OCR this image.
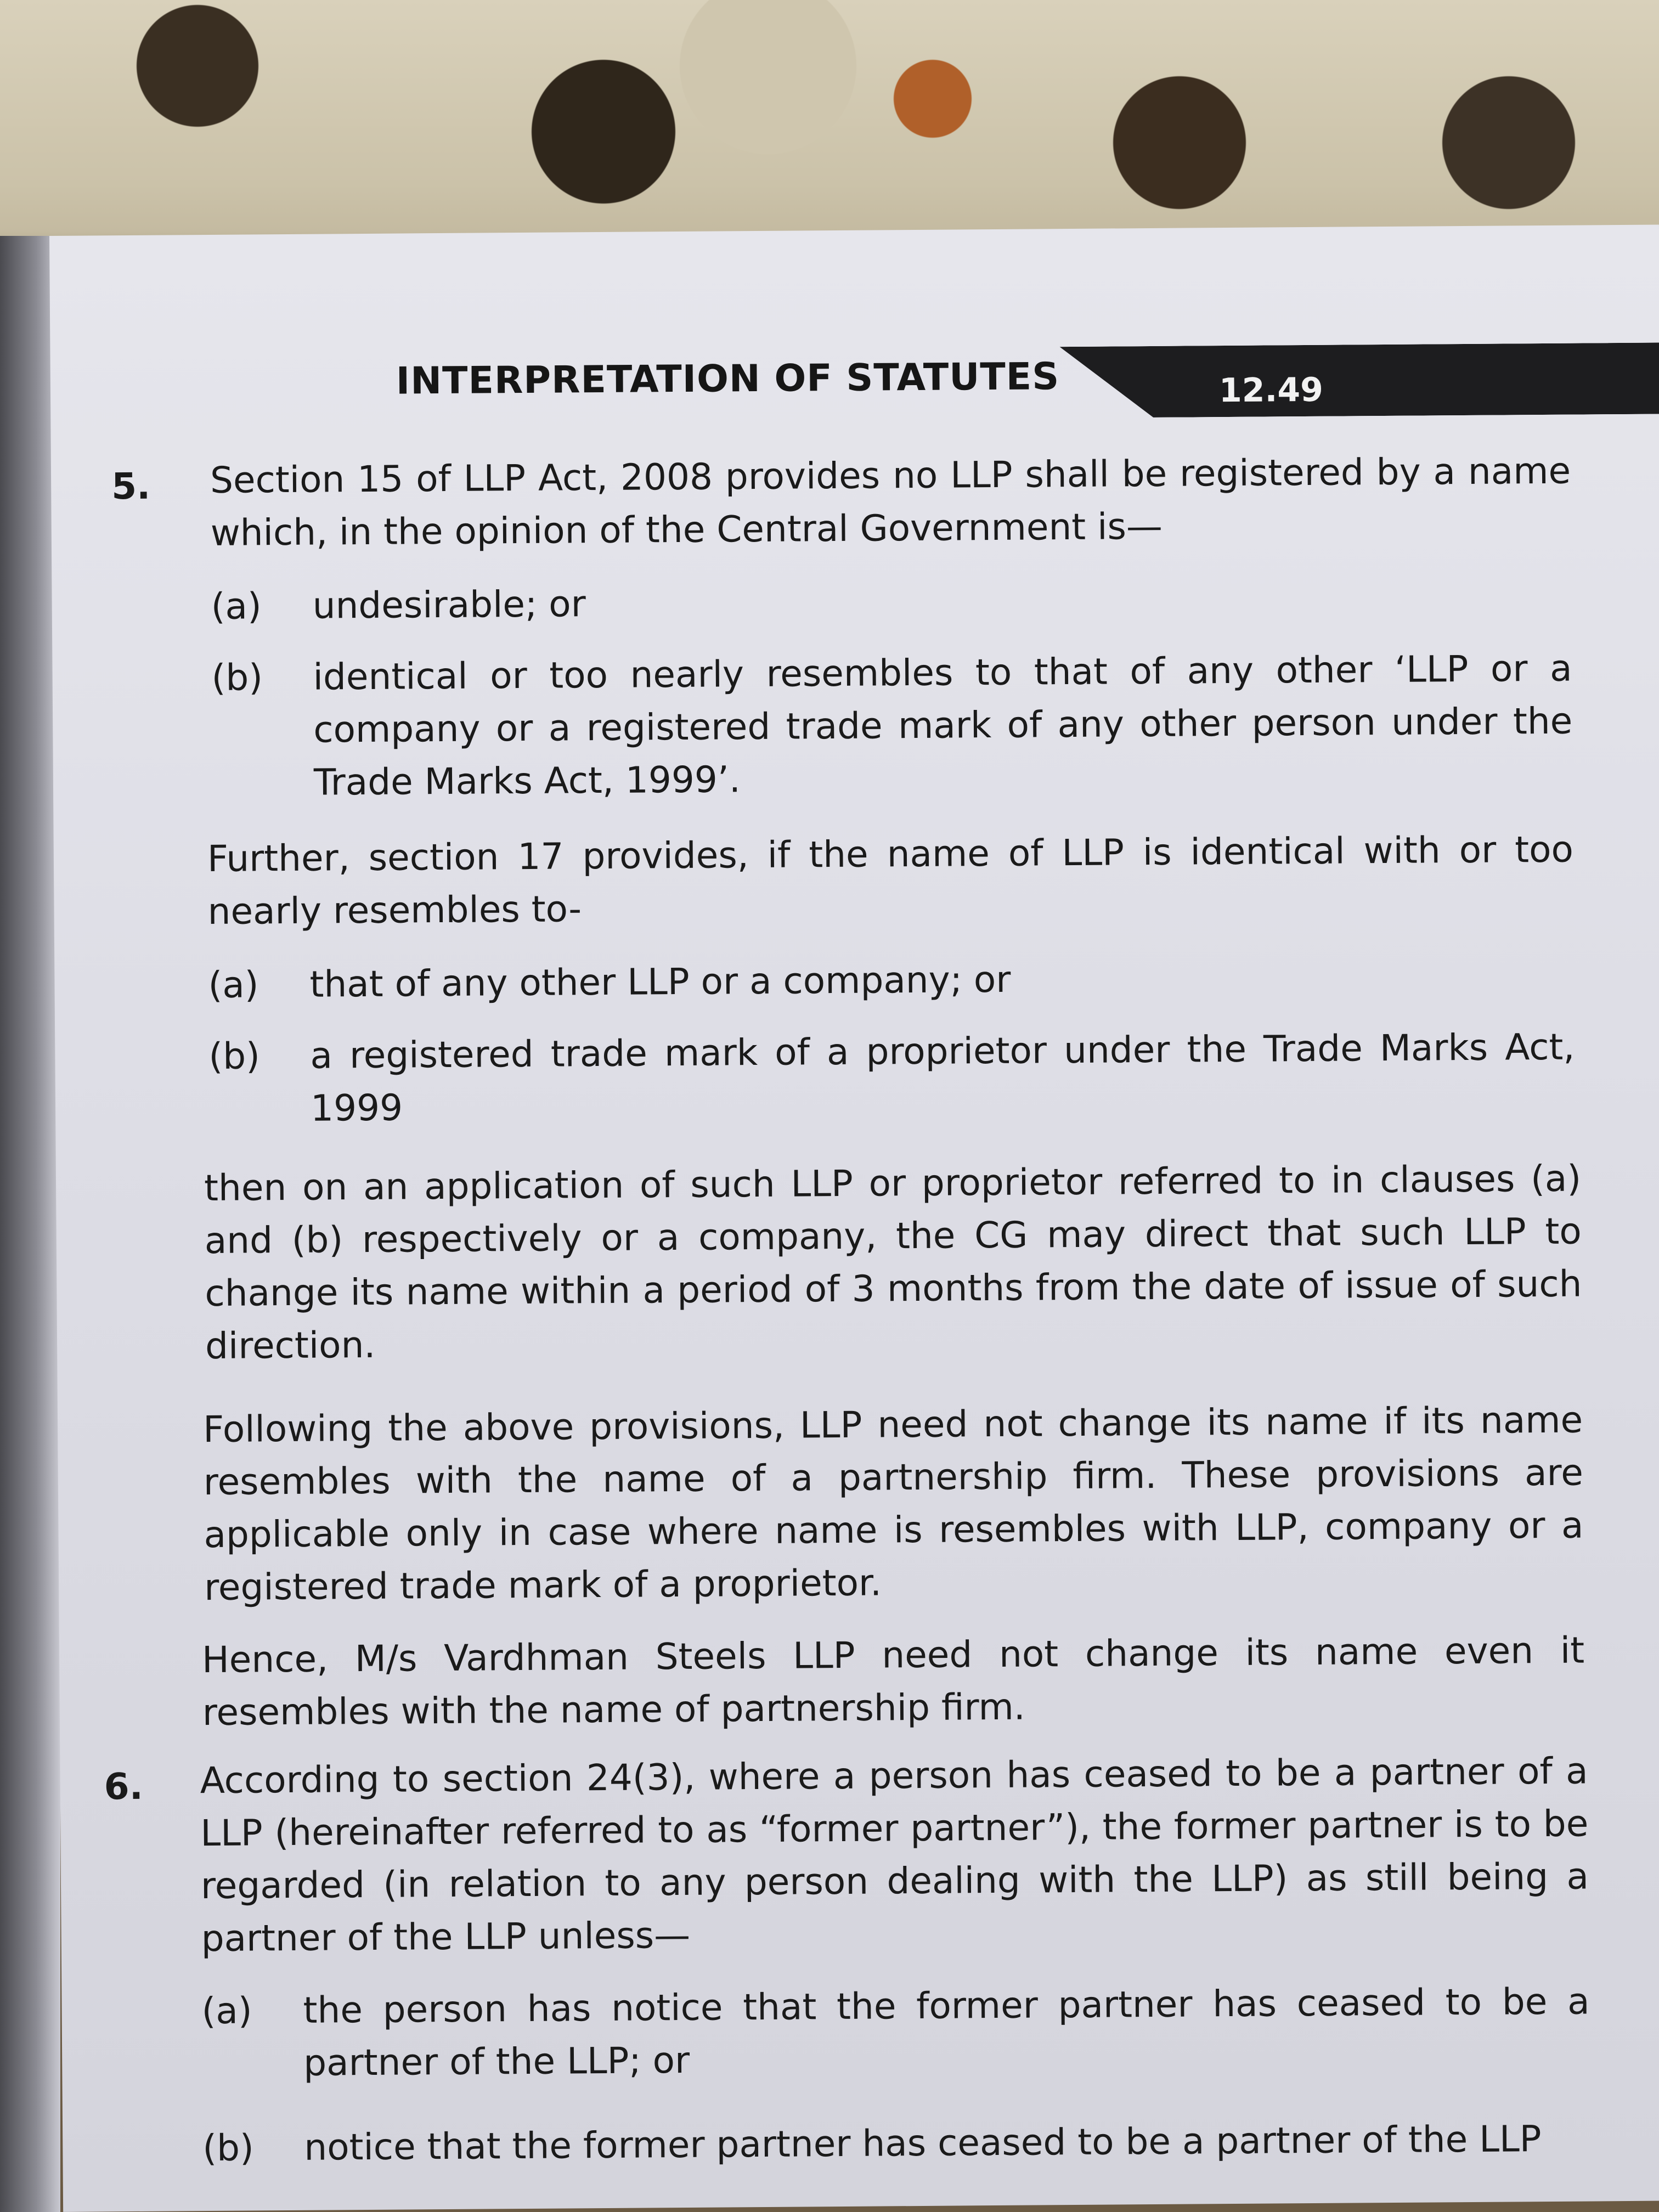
INTERPRETATION OF STATUTES	12.49
5. Section 15 of LLP Act, 2008 provides no LLP shall be registered by a name which, in the opinion of the Central Government is—
(a) undesirable; or
(b) identical or too nearly resembles to that of any other ‘LLP or a company or a registered trade mark of any other person under the Trade Marks Act, 1999’.
Further, section 17 provides, if the name of LLP is identical with or too nearly resembles to-
(a) that of any other LLP or a company; or
(b) a registered trade mark of a proprietor under the Trade Marks Act, 1999
then on an application of such LLP or proprietor referred to in clauses (a) and (b) respectively or a company, the CG may direct that such LLP to change its name within a period of 3 months from the date of issue of such direction.
Following the above provisions, LLP need not change its name if its name resembles with the name of a partnership firm. These provisions are applicable only in case where name is resembles with LLP, company or a registered trade mark of a proprietor.
Hence, M/s Vardhman Steels LLP need not change its name even it resembles with the name of partnership firm.
6. According to section 24(3), where a person has ceased to be a partner of a LLP (hereinafter referred to as “former partner”), the former partner is to be regarded (in relation to any person dealing with the LLP) as still being a partner of the LLP unless—
(a) the person has notice that the former partner has ceased to be a partner of the LLP; or
(b) notice that the former partner has ceased to be a partner of the LLP
